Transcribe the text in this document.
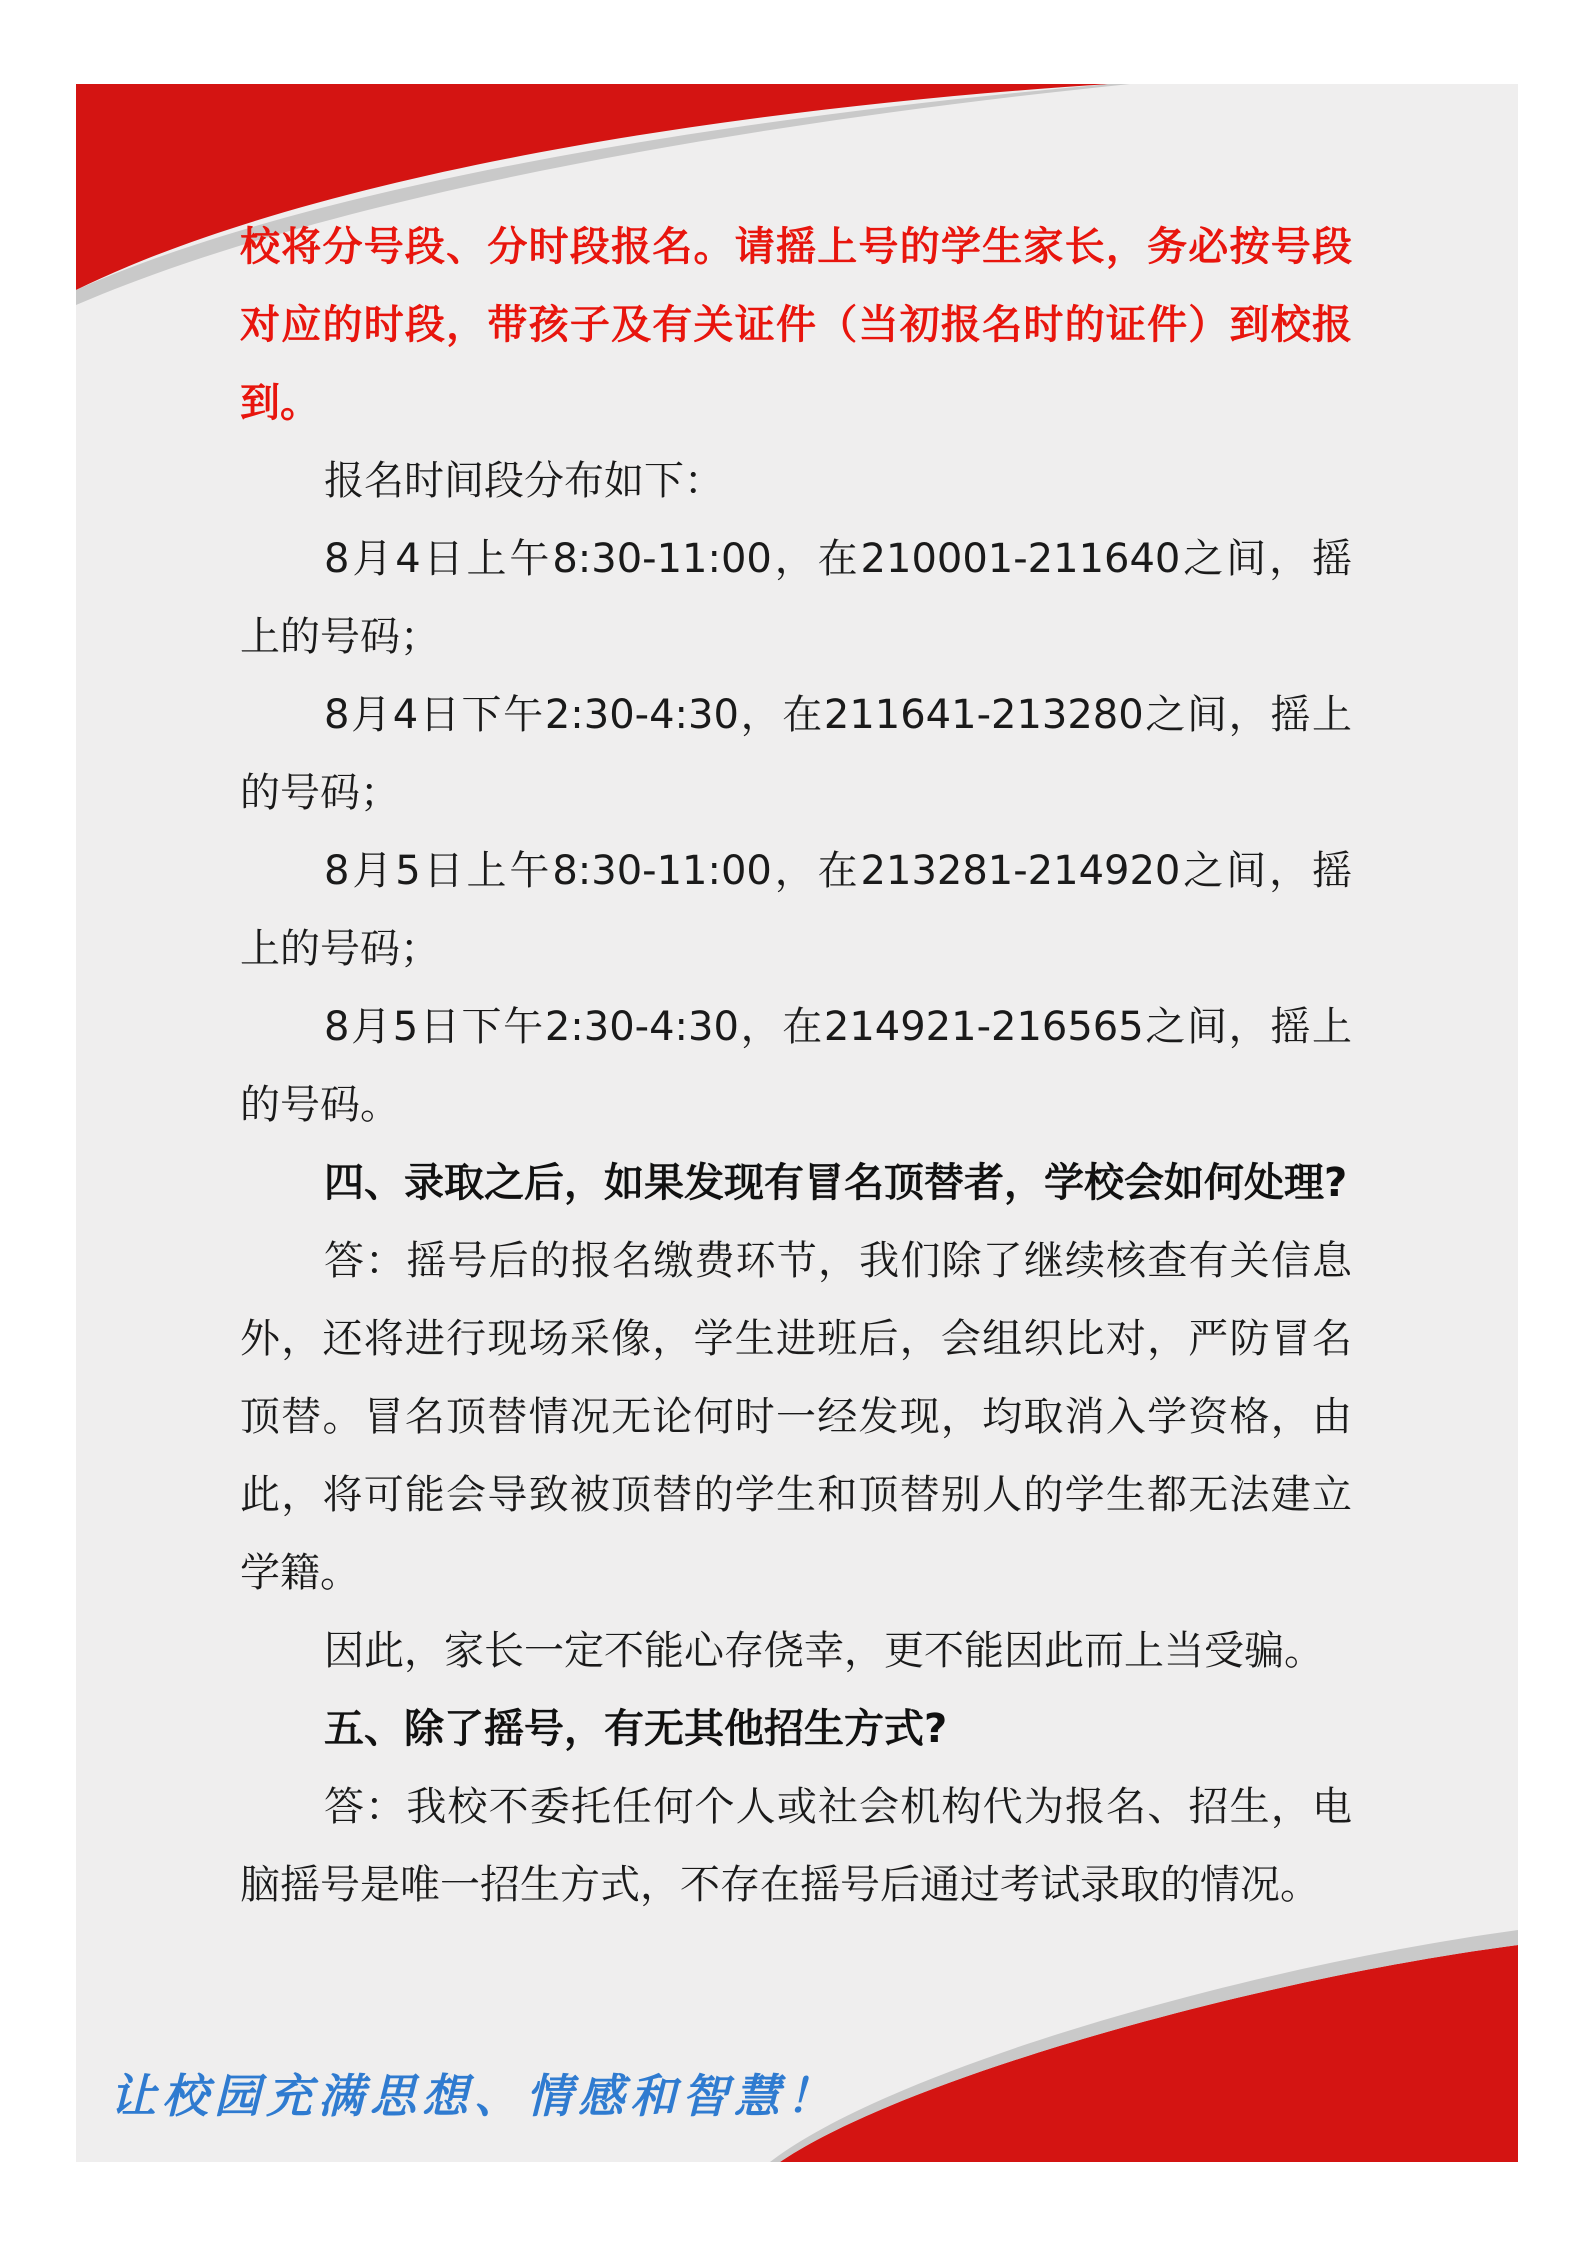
校将分号段、分时段报名。请摇上号的学生家长，务必按号段对应的时段，带孩子及有关证件（当初报名时的证件）到校报到。

报名时间段分布如下：

8月4日上午8:30-11:00，在210001-211640之间，摇上的号码；

8月4日下午2:30-4:30，在211641-213280之间，摇上的号码；

8月5日上午8:30-11:00，在213281-214920之间，摇上的号码；

8月5日下午2:30-4:30，在214921-216565之间，摇上的号码。

四、录取之后，如果发现有冒名顶替者，学校会如何处理?

答：摇号后的报名缴费环节，我们除了继续核查有关信息外，还将进行现场采像，学生进班后，会组织比对，严防冒名顶替。冒名顶替情况无论何时一经发现，均取消入学资格，由此，将可能会导致被顶替的学生和顶替别人的学生都无法建立学籍。

因此，家长一定不能心存侥幸，更不能因此而上当受骗。

五、除了摇号，有无其他招生方式?

答：我校不委托任何个人或社会机构代为报名、招生，电脑摇号是唯一招生方式，不存在摇号后通过考试录取的情况。

让校园充满思想、情感和智慧！
